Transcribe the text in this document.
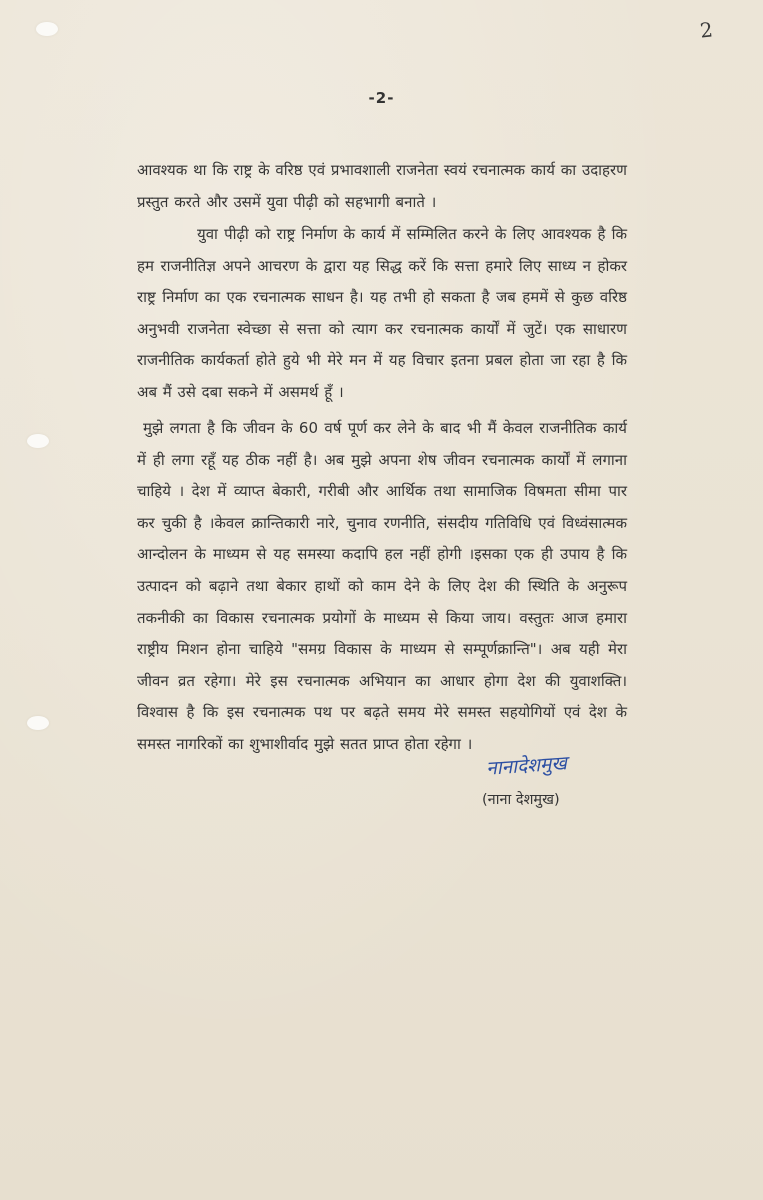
2
-2-
आवश्यक था कि राष्ट्र के वरिष्ठ एवं प्रभावशाली राजनेता स्वयं रचनात्मक कार्य का उदाहरण प्रस्तुत करते और उसमें युवा पीढ़ी को सहभागी बनाते ।
युवा पीढ़ी को राष्ट्र निर्माण के कार्य में सम्मिलित करने के लिए आवश्यक है कि हम राजनीतिज्ञ अपने आचरण के द्वारा यह सिद्ध करें कि सत्ता हमारे लिए साध्य न होकर राष्ट्र निर्माण का एक रचनात्मक साधन है। यह तभी हो सकता है जब हममें से कुछ वरिष्ठ अनुभवी राजनेता स्वेच्छा से सत्ता को त्याग कर रचनात्मक कार्यों में जुटें। एक साधारण राजनीतिक कार्यकर्ता होते हुये भी मेरे मन में यह विचार इतना प्रबल होता जा रहा है कि अब मैं उसे दबा सकने में असमर्थ हूँ ।
मुझे लगता है कि जीवन के 60 वर्ष पूर्ण कर लेने के बाद भी मैं केवल राजनीतिक कार्य में ही लगा रहूँ यह ठीक नहीं है। अब मुझे अपना शेष जीवन रचनात्मक कार्यों में लगाना चाहिये । देश में व्याप्त बेकारी, गरीबी और आर्थिक तथा सामाजिक विषमता सीमा पार कर चुकी है ।केवल क्रान्तिकारी नारे, चुनाव रणनीति, संसदीय गतिविधि एवं विध्वंसात्मक आन्दोलन के माध्यम से यह समस्या कदापि हल नहीं होगी ।इसका एक ही उपाय है कि उत्पादन को बढ़ाने तथा बेकार हाथों को काम देने के लिए देश की स्थिति के अनुरूप तकनीकी का विकास रचनात्मक प्रयोगों के माध्यम से किया जाय। वस्तुतः आज हमारा राष्ट्रीय मिशन होना चाहिये "समग्र विकास के माध्यम से सम्पूर्णक्रान्ति"। अब यही मेरा जीवन व्रत रहेगा। मेरे इस रचनात्मक अभियान का आधार होगा देश की युवाशक्ति। विश्वास है कि इस रचनात्मक पथ पर बढ़ते समय मेरे समस्त सहयोगियों एवं देश के समस्त नागरिकों का शुभाशीर्वाद मुझे सतत प्राप्त होता रहेगा ।
नानादेशमुख
(नाना देशमुख)
